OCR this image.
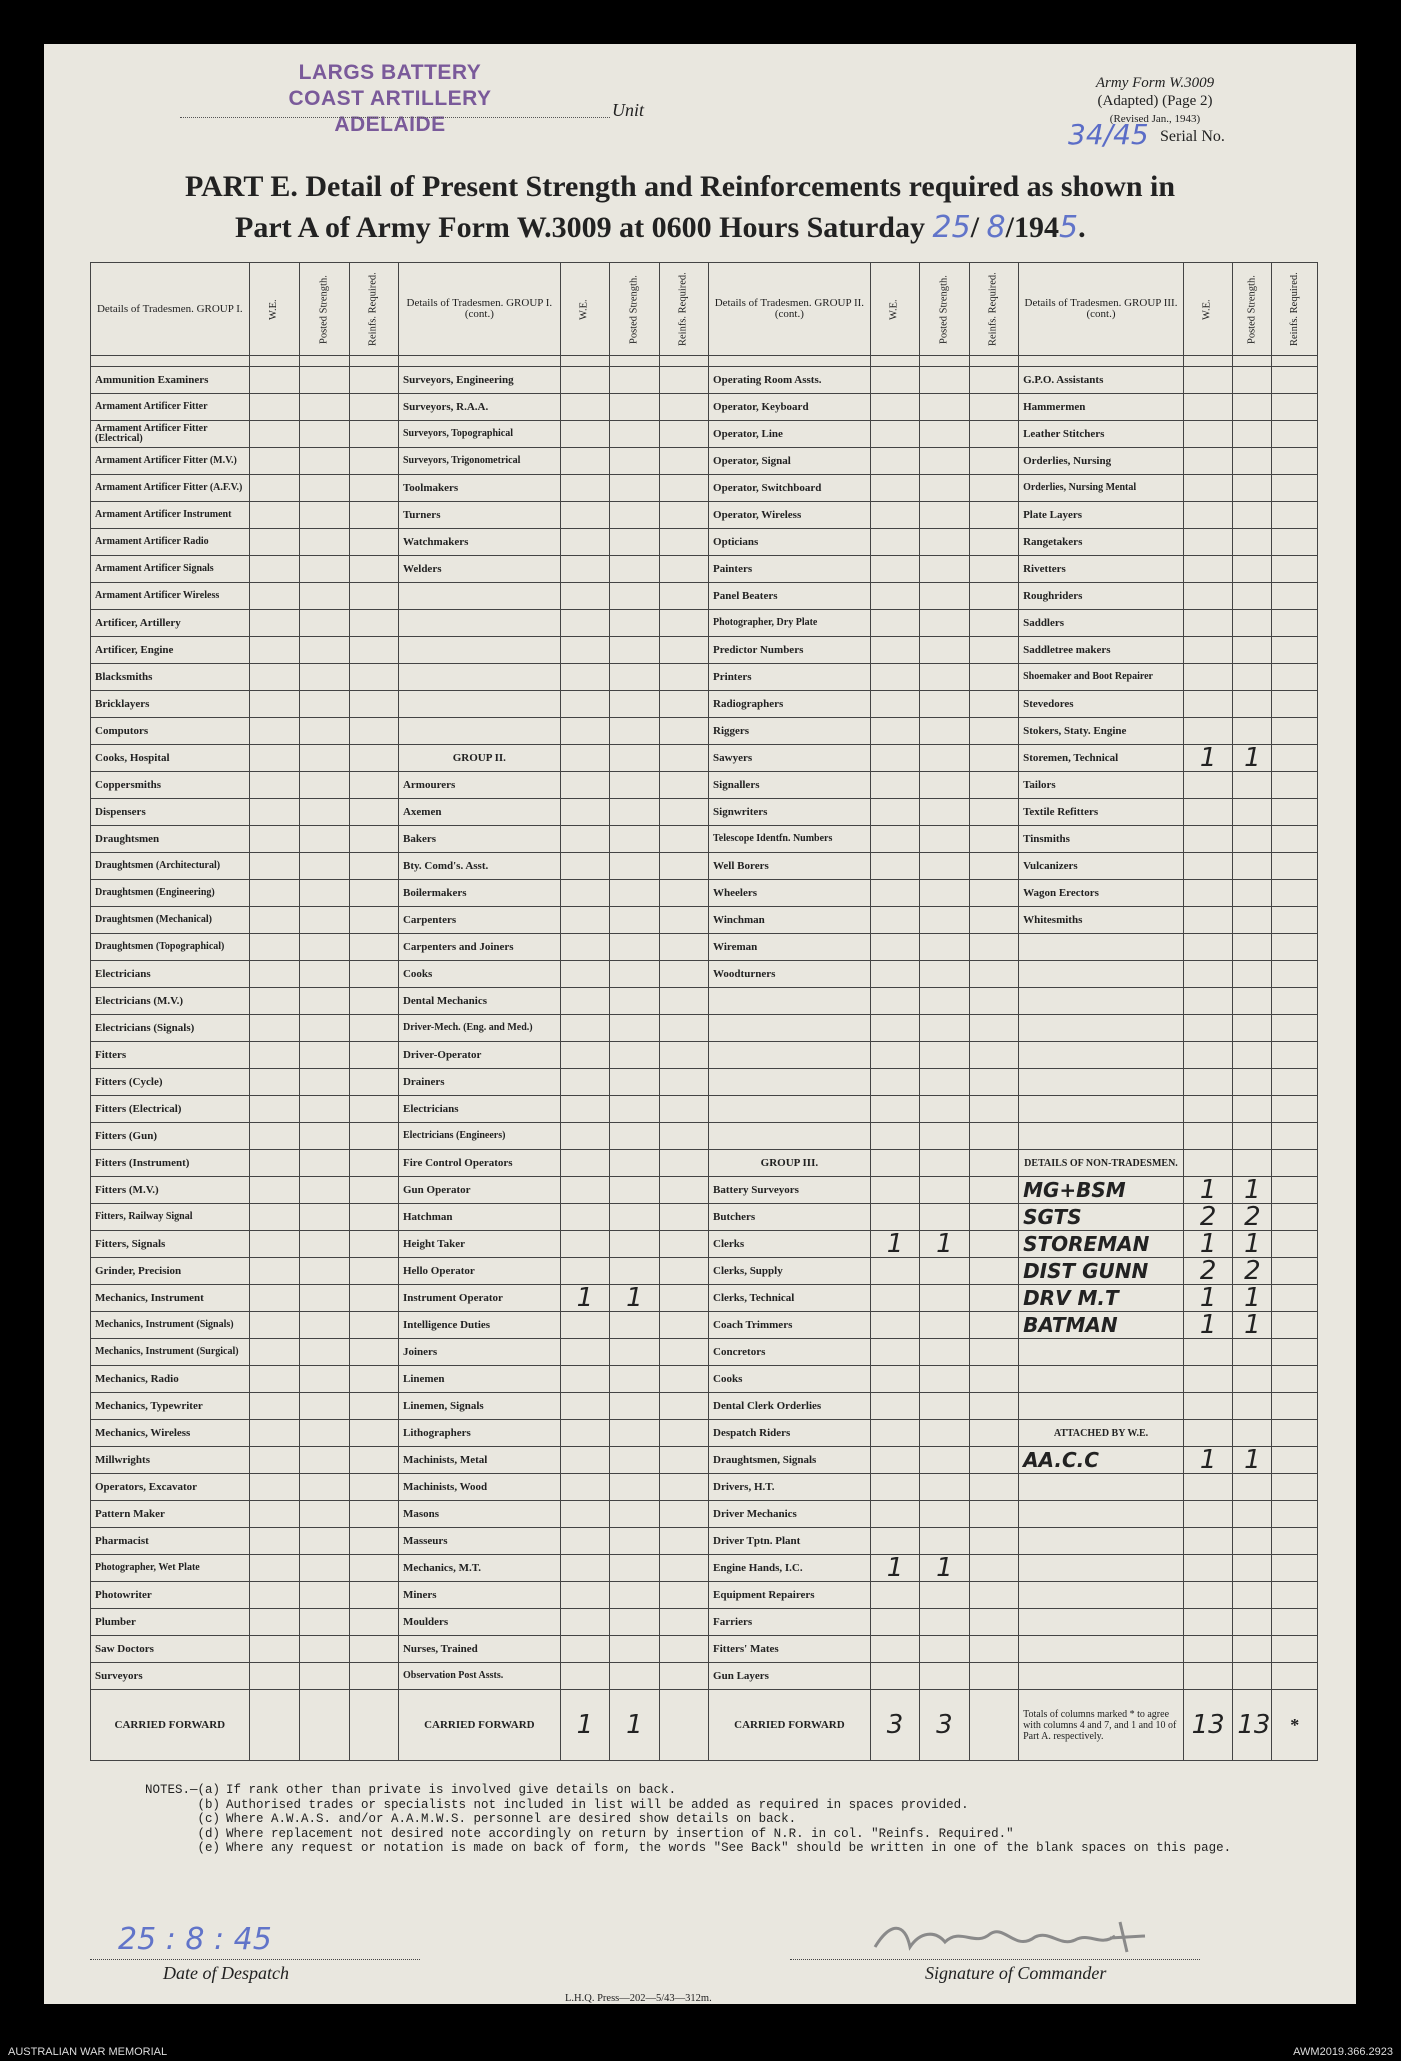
LARGS BATTERY
COAST ARTILLERY
ADELAIDE
Unit
Army Form W.3009
(Adapted) (Page 2)
(Revised Jan., 1943)
34/45 Serial No.
PART E. Detail of Present Strength and Reinforcements required as shown in
Part A of Army Form W.3009 at 0600 Hours Saturday 25/ 8/1945.
Details of Tradesmen. GROUP I.	W.E.	Posted Strength.	Reinfs. Required.	Details of Tradesmen. GROUP I. (cont.)	W.E.	Posted Strength.	Reinfs. Required.	Details of Tradesmen. GROUP II. (cont.)	W.E.	Posted Strength.	Reinfs. Required.	Details of Tradesmen. GROUP III. (cont.)	W.E.	Posted Strength.	Reinfs. Required.

Ammunition Examiners				Surveyors, Engineering				Operating Room Assts.				G.P.O. Assistants			
Armament Artificer Fitter				Surveyors, R.A.A.				Operator, Keyboard				Hammermen			
Armament Artificer Fitter (Electrical)				Surveyors, Topographical				Operator, Line				Leather Stitchers			
Armament Artificer Fitter (M.V.)				Surveyors, Trigonometrical				Operator, Signal				Orderlies, Nursing			
Armament Artificer Fitter (A.F.V.)				Toolmakers				Operator, Switchboard				Orderlies, Nursing Mental			
Armament Artificer Instrument				Turners				Operator, Wireless				Plate Layers			
Armament Artificer Radio				Watchmakers				Opticians				Rangetakers			
Armament Artificer Signals				Welders				Painters				Rivetters			
Armament Artificer Wireless								Panel Beaters				Roughriders			
Artificer, Artillery								Photographer, Dry Plate				Saddlers			
Artificer, Engine								Predictor Numbers				Saddletree makers			
Blacksmiths								Printers				Shoemaker and Boot Repairer			
Bricklayers								Radiographers				Stevedores			
Computors								Riggers				Stokers, Staty. Engine			
Cooks, Hospital				GROUP II.				Sawyers				Storemen, Technical	1	1	
Coppersmiths				Armourers				Signallers				Tailors			
Dispensers				Axemen				Signwriters				Textile Refitters			
Draughtsmen				Bakers				Telescope Identfn. Numbers				Tinsmiths			
Draughtsmen (Architectural)				Bty. Comd's. Asst.				Well Borers				Vulcanizers			
Draughtsmen (Engineering)				Boilermakers				Wheelers				Wagon Erectors			
Draughtsmen (Mechanical)				Carpenters				Winchman				Whitesmiths			
Draughtsmen (Topographical)				Carpenters and Joiners				Wireman							
Electricians				Cooks				Woodturners							
Electricians (M.V.)				Dental Mechanics											
Electricians (Signals)				Driver-Mech. (Eng. and Med.)											
Fitters				Driver-Operator											
Fitters (Cycle)				Drainers											
Fitters (Electrical)				Electricians											
Fitters (Gun)				Electricians (Engineers)											
Fitters (Instrument)				Fire Control Operators				GROUP III.				DETAILS OF NON-TRADESMEN.			
Fitters (M.V.)				Gun Operator				Battery Surveyors				MG+BSM	1	1	
Fitters, Railway Signal				Hatchman				Butchers				SGTS	2	2	
Fitters, Signals				Height Taker				Clerks	1	1		STOREMAN	1	1	
Grinder, Precision				Hello Operator				Clerks, Supply				DIST GUNN	2	2	
Mechanics, Instrument				Instrument Operator	1	1		Clerks, Technical				DRV M.T	1	1	
Mechanics, Instrument (Signals)				Intelligence Duties				Coach Trimmers				BATMAN	1	1	
Mechanics, Instrument (Surgical)				Joiners				Concretors							
Mechanics, Radio				Linemen				Cooks							
Mechanics, Typewriter				Linemen, Signals				Dental Clerk Orderlies							
Mechanics, Wireless				Lithographers				Despatch Riders				ATTACHED BY W.E.			
Millwrights				Machinists, Metal				Draughtsmen, Signals				AA.C.C	1	1	
Operators, Excavator				Machinists, Wood				Drivers, H.T.							
Pattern Maker				Masons				Driver Mechanics							
Pharmacist				Masseurs				Driver Tptn. Plant							
Photographer, Wet Plate				Mechanics, M.T.				Engine Hands, I.C.	1	1					
Photowriter				Miners				Equipment Repairers							
Plumber				Moulders				Farriers							
Saw Doctors				Nurses, Trained				Fitters' Mates							
Surveyors				Observation Post Assts.				Gun Layers							
CARRIED FORWARD				CARRIED FORWARD	1	1		CARRIED FORWARD	3	3		Totals of columns marked * to agree with columns 4 and 7, and 1 and 10 of Part A. respectively.	13	13	*
NOTES.—(a) If rank other than private is involved give details on back.
(b) Authorised trades or specialists not included in list will be added as required in spaces provided.
(c) Where A.W.A.S. and/or A.A.M.W.S. personnel are desired show details on back.
(d) Where replacement not desired note accordingly on return by insertion of N.R. in col. "Reinfs. Required."
(e) Where any request or notation is made on back of form, the words "See Back" should be written in one of the blank spaces on this page.
25 : 8 : 45
Date of Despatch	Signature of Commander
L.H.Q. Press—202—5/43—312m.
AUSTRALIAN WAR MEMORIAL	AWM2019.366.2923
